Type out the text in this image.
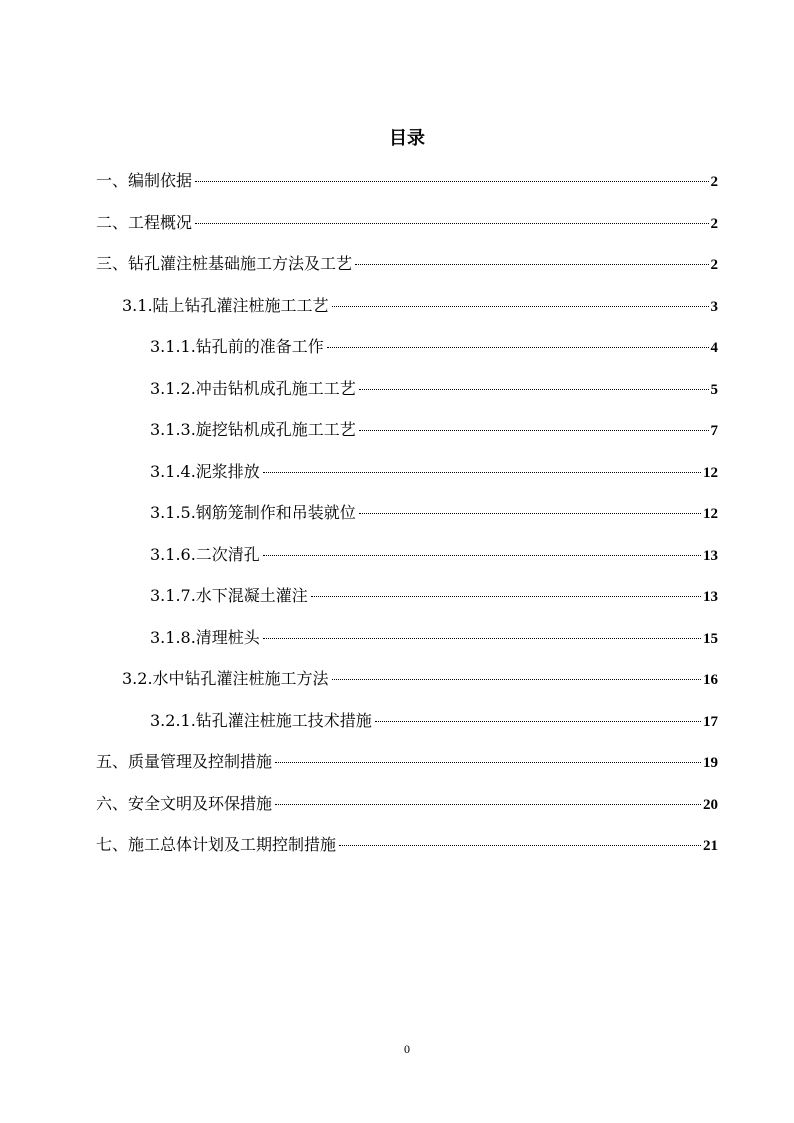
目录
一、编制依据	2
二、工程概况	2
三、钻孔灌注桩基础施工方法及工艺	2
3.1.陆上钻孔灌注桩施工工艺	3
3.1.1.钻孔前的准备工作	4
3.1.2.冲击钻机成孔施工工艺	5
3.1.3.旋挖钻机成孔施工工艺	7
3.1.4.泥浆排放	12
3.1.5.钢筋笼制作和吊装就位	12
3.1.6.二次清孔	13
3.1.7.水下混凝土灌注	13
3.1.8.清理桩头	15
3.2.水中钻孔灌注桩施工方法	16
3.2.1.钻孔灌注桩施工技术措施	17
五、质量管理及控制措施	19
六、安全文明及环保措施	20
七、施工总体计划及工期控制措施	21
0
